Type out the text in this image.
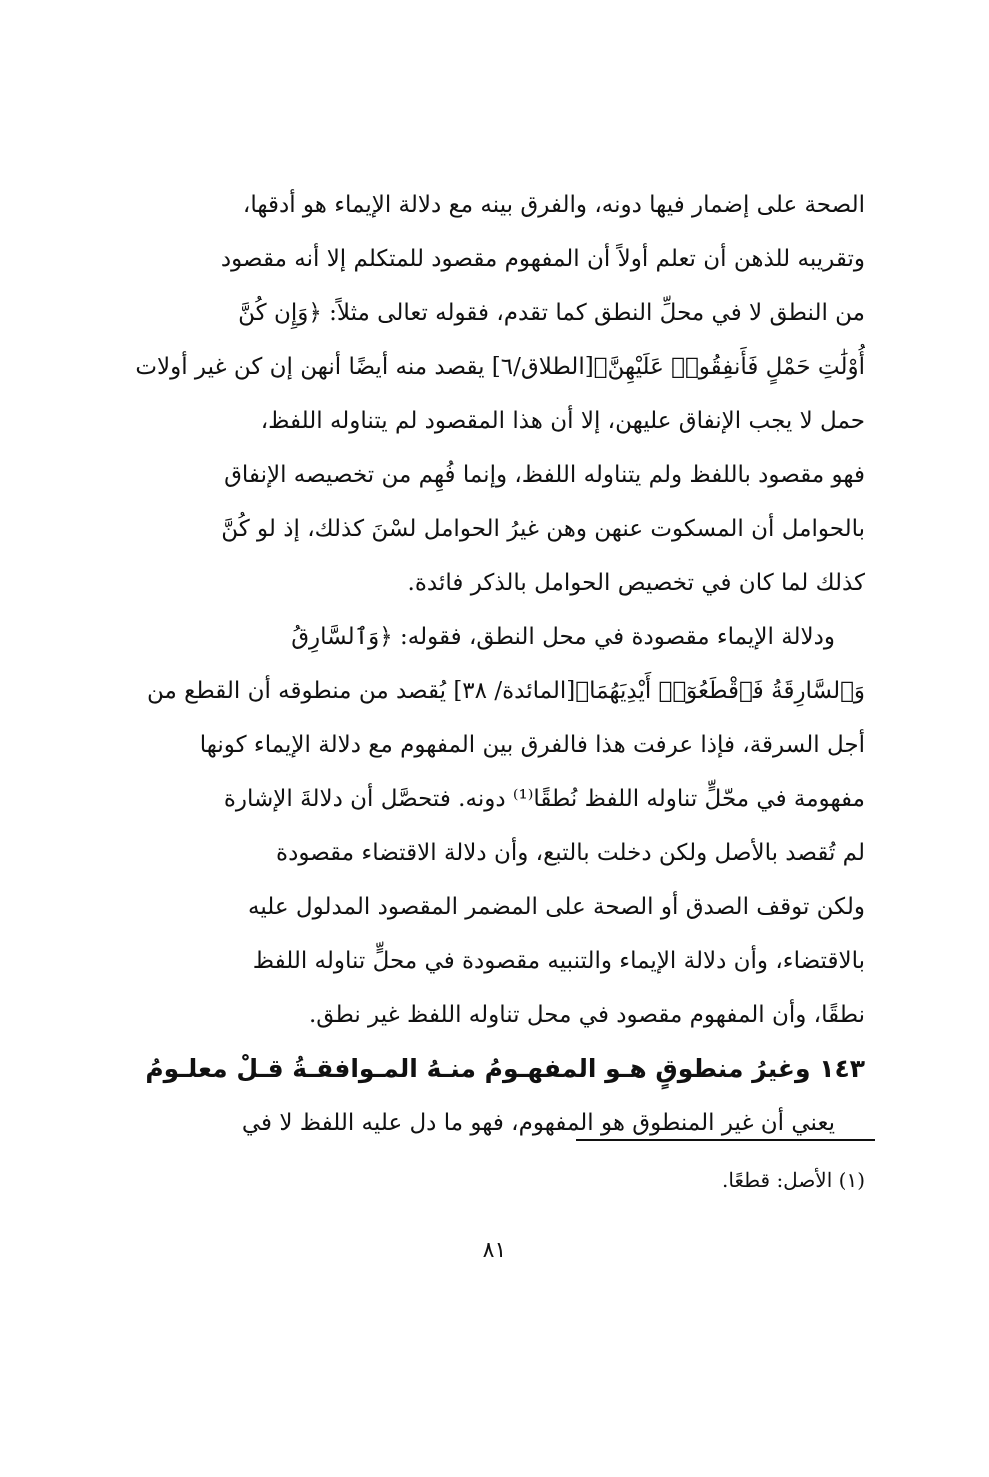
الصحة على إضمار فيها دونه، والفرق بينه مع دلالة الإيماء هو أدقها،
وتقريبه للذهن أن تعلم أولاً أن المفهوم مقصود للمتكلم إلا أنه مقصود
من النطق لا في محلِّ النطق كما تقدم، فقوله تعالى مثلاً: ﴿وَإِن كُنَّ
أُوْلَٰتِ حَمْلٍ فَأَنفِقُوا۟ عَلَيْهِنَّ﴾[الطلاق/٦] يقصد منه أيضًا أنهن إن كن غير أولات
حمل لا يجب الإنفاق عليهن، إلا أن هذا المقصود لم يتناوله اللفظ،
فهو مقصود باللفظ ولم يتناوله اللفظ، وإنما فُهِم من تخصيصه الإنفاق
بالحوامل أن المسكوت عنهن وهن غيرُ الحوامل لسْنَ كذلك، إذ لو كُنَّ
كذلك لما كان في تخصيص الحوامل بالذكر فائدة.
ودلالة الإيماء مقصودة في محل النطق، فقوله: ﴿وَٱلسَّارِقُ
وَٱلسَّارِقَةُ فَٱقْطَعُوٓا۟ أَيْدِيَهُمَا﴾[المائدة/ ٣٨] يُقصد من منطوقه أن القطع من
أجل السرقة، فإذا عرفت هذا فالفرق بين المفهوم مع دلالة الإيماء كونها
مفهومة في محّلٍّ تناوله اللفظ نُطقًا⁽¹⁾ دونه. فتحصَّل أن دلالةَ الإشارة
لم تُقصد بالأصل ولكن دخلت بالتبع، وأن دلالة الاقتضاء مقصودة
ولكن توقف الصدق أو الصحة على المضمر المقصود المدلول عليه
بالاقتضاء، وأن دلالة الإيماء والتنبيه مقصودة في محلٍّ تناوله اللفظ
نطقًا، وأن المفهوم مقصود في محل تناوله اللفظ غير نطق.
١٤٣ وغيرُ منطوقٍ هـو المفهـومُ منـهُ المـوافقـةُ قـلْ معلـومُ
يعني أن غير المنطوق هو المفهوم، فهو ما دل عليه اللفظ لا في
(١) الأصل: قطعًا.
٨١
